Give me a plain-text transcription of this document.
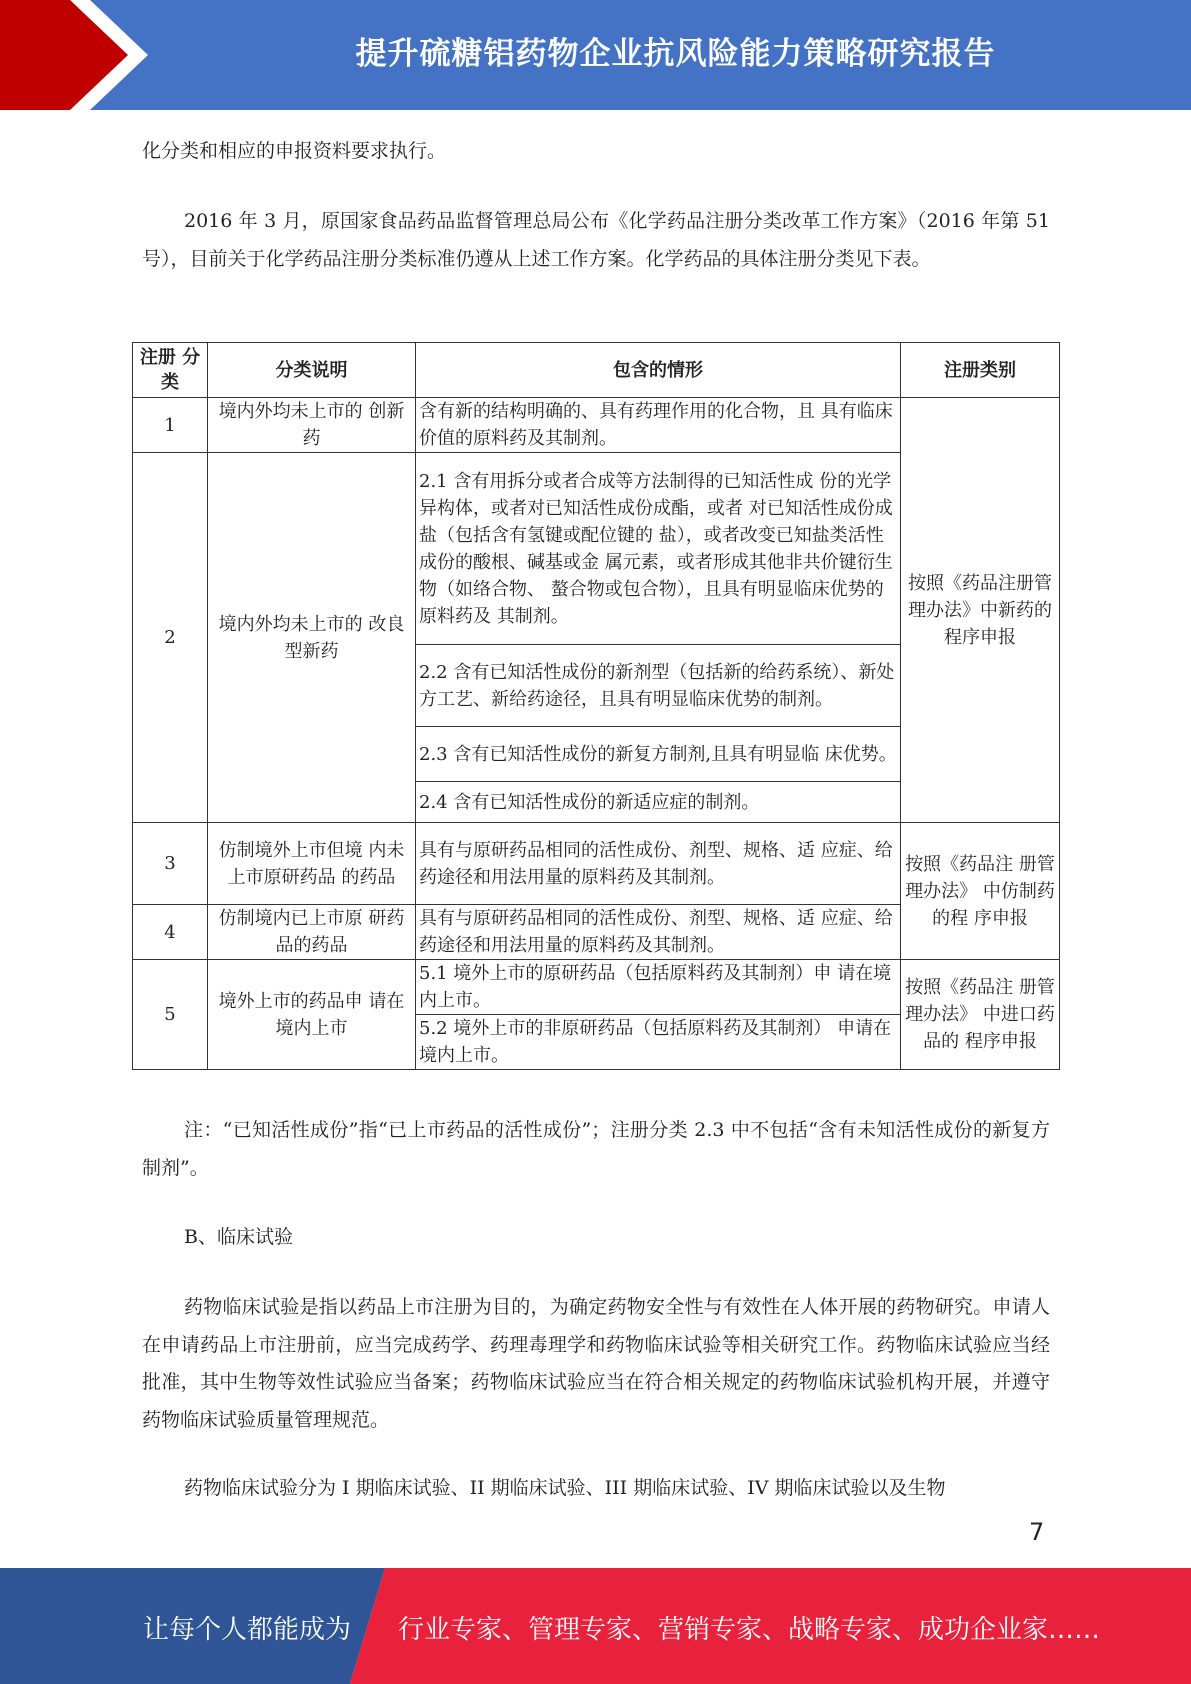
提升硫糖铝药物企业抗风险能力策略研究报告

化分类和相应的申报资料要求执行。

2016 年 3 月，原国家食品药品监督管理总局公布《化学药品注册分类改革工作方案》（2016 年第 51 号），目前关于化学药品注册分类标准仍遵从上述工作方案。化学药品的具体注册分类见下表。

注册 分类	分类说明	包含的情形	注册类别
1	境内外均未上市的 创新药	含有新的结构明确的、具有药理作用的化合物，且 具有临床价值的原料药及其制剂。	按照《药品注册管理办法》中新药的程序申报
2	境内外均未上市的 改良型新药	2.1 含有用拆分或者合成等方法制得的已知活性成 份的光学异构体，或者对已知活性成份成酯，或者 对已知活性成份成盐（包括含有氢键或配位键的 盐），或者改变已知盐类活性成份的酸根、碱基或金 属元素，或者形成其他非共价键衍生物（如络合物、 螯合物或包合物），且具有明显临床优势的原料药及 其制剂。	
		2.2 含有已知活性成份的新剂型（包括新的给药系统）、新处方工艺、新给药途径，且具有明显临床优势的制剂。	
		2.3 含有已知活性成份的新复方制剂,且具有明显临 床优势。	
		2.4 含有已知活性成份的新适应症的制剂。	
3	仿制境外上市但境 内未上市原研药品 的药品	具有与原研药品相同的活性成份、剂型、规格、适 应症、给药途径和用法用量的原料药及其制剂。	按照《药品注 册管理办法》 中仿制药的程 序申报
4	仿制境内已上市原 研药品的药品	具有与原研药品相同的活性成份、剂型、规格、适 应症、给药途径和用法用量的原料药及其制剂。	
5	境外上市的药品申 请在境内上市	5.1 境外上市的原研药品（包括原料药及其制剂）申 请在境内上市。	按照《药品注 册管理办法》 中进口药品的 程序申报
		5.2 境外上市的非原研药品（包括原料药及其制剂） 申请在境内上市。	

注：“已知活性成份”指“已上市药品的活性成份”；注册分类 2.3 中不包括“含有未知活性成份的新复方制剂”。

B、临床试验

药物临床试验是指以药品上市注册为目的，为确定药物安全性与有效性在人体开展的药物研究。申请人在申请药品上市注册前，应当完成药学、药理毒理学和药物临床试验等相关研究工作。药物临床试验应当经批准，其中生物等效性试验应当备案；药物临床试验应当在符合相关规定的药物临床试验机构开展，并遵守药物临床试验质量管理规范。

药物临床试验分为 I 期临床试验、II 期临床试验、III 期临床试验、IV 期临床试验以及生物

7
让每个人都能成为 行业专家、管理专家、营销专家、战略专家、成功企业家……
